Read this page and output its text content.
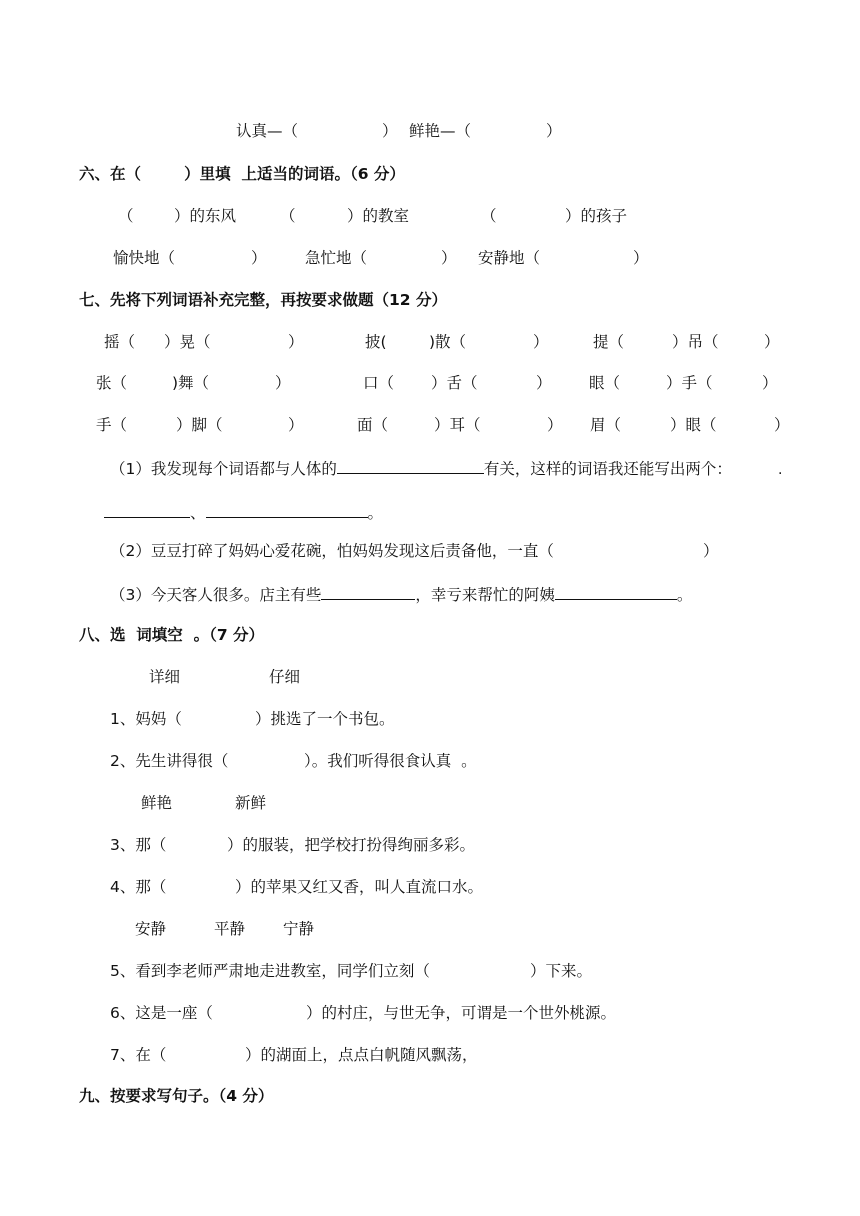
认真—（	） 鲜艳—（	）
六、在（        ）里填  上适当的词语。（6 分）
（	）的东风	（	）的教室	（	）的孩子
愉快地（	） 急忙地（	） 安静地（	）
七、先将下列词语补充完整，再按要求做题（12 分）
摇（ ）晃（	）	披(	)散（	）	提（	）吊（	）
张（	)舞（	）	口（ ）舌（	） 眼（	）手（	）
手（	）脚（	）	面（	）耳（	） 眉（	）眼（	）
（1）我发现每个词语都与人体的	有关，这样的词语我还能写出两个：	.
、	。
（2）豆豆打碎了妈妈心爱花碗，怕妈妈发现这后责备他，一直（	）
（3）今天客人很多。店主有些	，幸亏来帮忙的阿姨	。
八、选  词填空  。（7 分）
详细	仔细
1、妈妈（	）挑选了一个书包。
2、先生讲得很（	）。我们听得很食认真  。
鲜艳	新鲜
3、那（	）的服装，把学校打扮得绚丽多彩。
4、那（	）的苹果又红又香，叫人直流口水。
安静	平静 宁静
5、看到李老师严肃地走进教室，同学们立刻（	）下来。
6、这是一座（	）的村庄，与世无争，可谓是一个世外桃源。
7、在（	）的湖面上，点点白帆随风飘荡，
九、按要求写句子。（4 分）
